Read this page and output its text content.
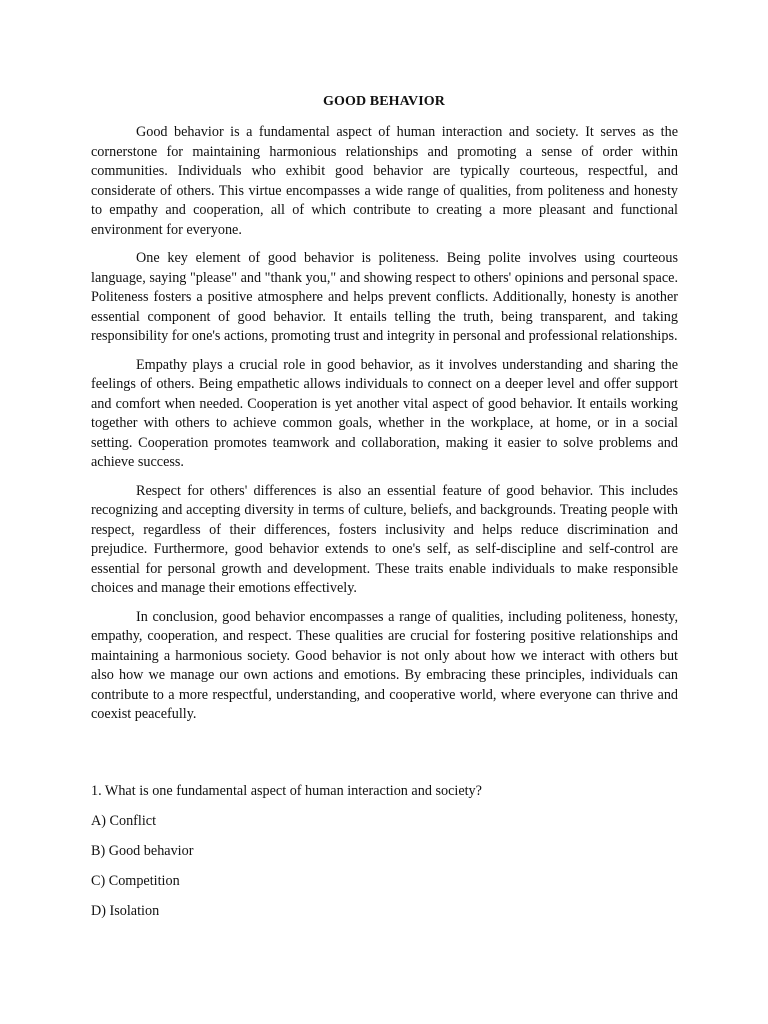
GOOD BEHAVIOR

Good behavior is a fundamental aspect of human interaction and society. It serves as the cornerstone for maintaining harmonious relationships and promoting a sense of order within communities. Individuals who exhibit good behavior are typically courteous, respectful, and considerate of others. This virtue encompasses a wide range of qualities, from politeness and honesty to empathy and cooperation, all of which contribute to creating a more pleasant and functional environment for everyone.

One key element of good behavior is politeness. Being polite involves using courteous language, saying "please" and "thank you," and showing respect to others' opinions and personal space. Politeness fosters a positive atmosphere and helps prevent conflicts. Additionally, honesty is another essential component of good behavior. It entails telling the truth, being transparent, and taking responsibility for one's actions, promoting trust and integrity in personal and professional relationships.

Empathy plays a crucial role in good behavior, as it involves understanding and sharing the feelings of others. Being empathetic allows individuals to connect on a deeper level and offer support and comfort when needed. Cooperation is yet another vital aspect of good behavior. It entails working together with others to achieve common goals, whether in the workplace, at home, or in a social setting. Cooperation promotes teamwork and collaboration, making it easier to solve problems and achieve success.

Respect for others' differences is also an essential feature of good behavior. This includes recognizing and accepting diversity in terms of culture, beliefs, and backgrounds. Treating people with respect, regardless of their differences, fosters inclusivity and helps reduce discrimination and prejudice. Furthermore, good behavior extends to one's self, as self-discipline and self-control are essential for personal growth and development. These traits enable individuals to make responsible choices and manage their emotions effectively.

In conclusion, good behavior encompasses a range of qualities, including politeness, honesty, empathy, cooperation, and respect. These qualities are crucial for fostering positive relationships and maintaining a harmonious society. Good behavior is not only about how we interact with others but also how we manage our own actions and emotions. By embracing these principles, individuals can contribute to a more respectful, understanding, and cooperative world, where everyone can thrive and coexist peacefully.

1. What is one fundamental aspect of human interaction and society?
A) Conflict
B) Good behavior
C) Competition
D) Isolation
